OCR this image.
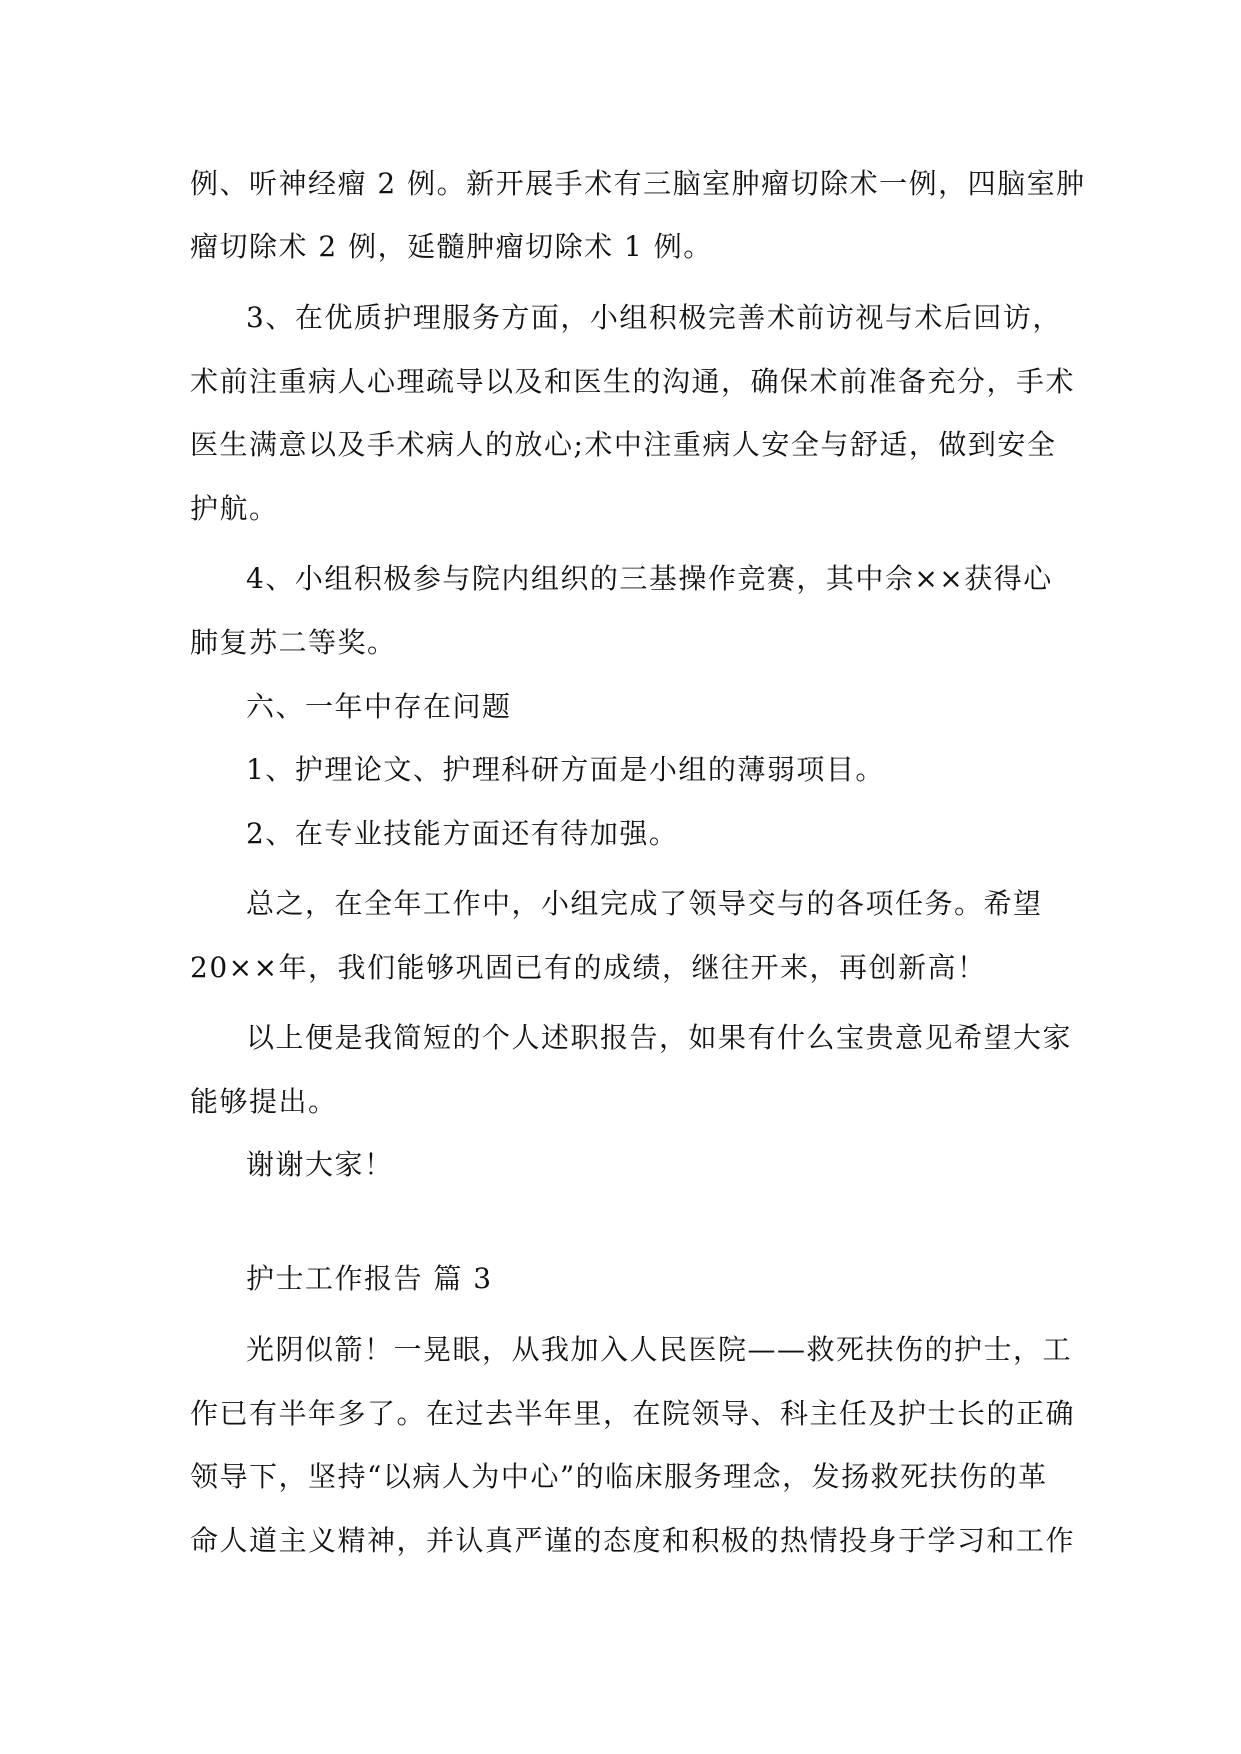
例、听神经瘤 2 例。新开展手术有三脑室肿瘤切除术一例，四脑室肿

瘤切除术 2 例，延髓肿瘤切除术 1 例。

3、在优质护理服务方面，小组积极完善术前访视与术后回访，

术前注重病人心理疏导以及和医生的沟通，确保术前准备充分，手术

医生满意以及手术病人的放心;术中注重病人安全与舒适，做到安全

护航。

4、小组积极参与院内组织的三基操作竞赛，其中佘××获得心

肺复苏二等奖。

六、一年中存在问题

1、护理论文、护理科研方面是小组的薄弱项目。

2、在专业技能方面还有待加强。

总之，在全年工作中，小组完成了领导交与的各项任务。希望

20××年，我们能够巩固已有的成绩，继往开来，再创新高！

以上便是我简短的个人述职报告，如果有什么宝贵意见希望大家

能够提出。

谢谢大家！

护士工作报告 篇 3

光阴似箭！一晃眼，从我加入人民医院——救死扶伤的护士，工

作已有半年多了。在过去半年里，在院领导、科主任及护士长的正确

领导下，坚持“以病人为中心”的临床服务理念，发扬救死扶伤的革

命人道主义精神，并认真严谨的态度和积极的热情投身于学习和工作
